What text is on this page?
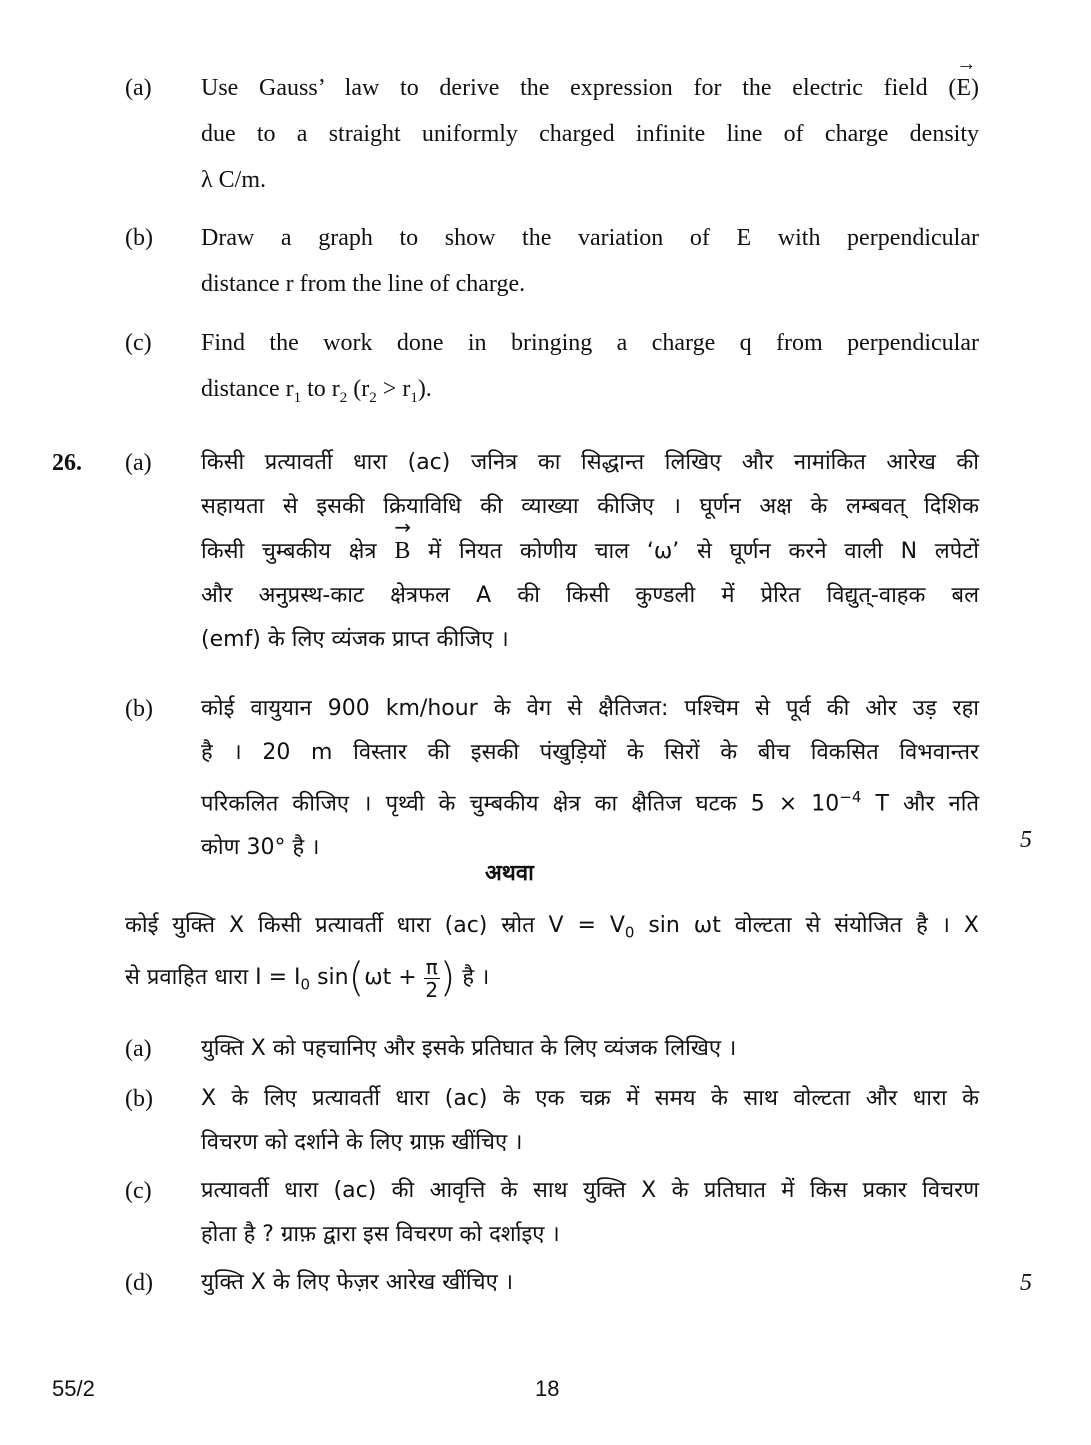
(a) Use Gauss’ law to derive the expression for the electric field (
→
E)
due to a straight uniformly charged infinite line of charge density
λ C/m.
(b) Draw a graph to show the variation of E with perpendicular
distance r from the line of charge.
(c) Find the work done in bringing a charge q from perpendicular
distance $r_1$ to $r_2$ $(r_2 > r_1)$.
26. (a) किसी प्रत्यावर्ती धारा (ac) जनित्र का सिद्धान्त लिखिए और नामांकित आरेख की
सहायता से इसकी क्रियाविधि की व्याख्या कीजिए । घूर्णन अक्ष के लम्बवत् दिशिक
किसी चुम्बकीय क्षेत्र
→
B में नियत कोणीय चाल ‘ω’ से घूर्णन करने वाली N लपेटों
और अनुप्रस्थ-काट क्षेत्रफल A की किसी कुण्डली में प्रेरित विद्युत्-वाहक बल
(emf) के लिए व्यंजक प्राप्त कीजिए ।
(b) कोई वायुयान 900 km/hour के वेग से क्षैतिजत: पश्चिम से पूर्व की ओर उड़ रहा
है । 20 m विस्तार की इसकी पंखुड़ियों के सिरों के बीच विकसित विभवान्तर
परिकलित कीजिए । पृथ्वी के चुम्बकीय क्षेत्र का क्षैतिज घटक $5 \times 10^{-4}$ T और नति
कोण 30° है ।	5
अथवा
कोई युक्ति X किसी प्रत्यावर्ती धारा (ac) स्रोत $V = V_0$ sin ωt वोल्टता से संयोजित है । X
से प्रवाहित धारा $I = I_0$ $\sin(\omega t + \frac{\pi}{2}$ ) है ।
(a) युक्ति X को पहचानिए और इसके प्रतिघात के लिए व्यंजक लिखिए ।
(b) X के लिए प्रत्यावर्ती धारा (ac) के एक चक्र में समय के साथ वोल्टता और धारा के
विचरण को दर्शाने के लिए ग्राफ़ खींचिए ।
(c) प्रत्यावर्ती धारा (ac) की आवृत्ति के साथ युक्ति X के प्रतिघात में किस प्रकार विचरण
होता है ? ग्राफ़ द्वारा इस विचरण को दर्शाइए ।
(d) युक्ति X के लिए फेज़र आरेख खींचिए ।	5
55/2	18
